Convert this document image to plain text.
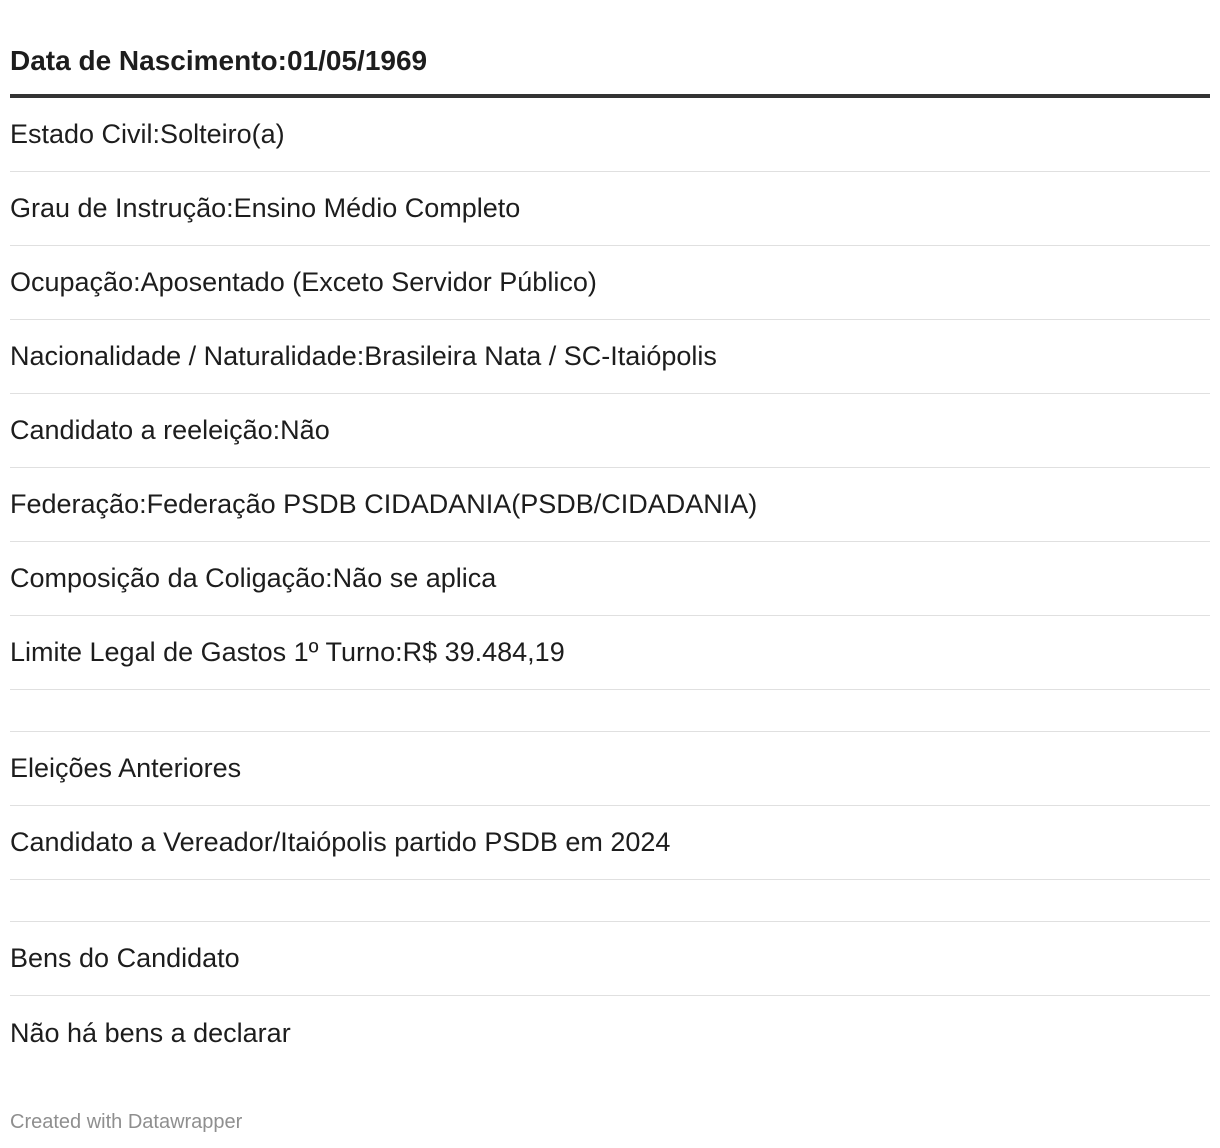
Data de Nascimento:01/05/1969
Estado Civil:Solteiro(a)
Grau de Instrução:Ensino Médio Completo
Ocupação:Aposentado (Exceto Servidor Público)
Nacionalidade / Naturalidade:Brasileira Nata / SC-Itaiópolis
Candidato a reeleição:Não
Federação:Federação PSDB CIDADANIA(PSDB/CIDADANIA)
Composição da Coligação:Não se aplica
Limite Legal de Gastos 1º Turno:R$ 39.484,19
Eleições Anteriores
Candidato a Vereador/Itaiópolis partido PSDB em 2024
Bens do Candidato
Não há bens a declarar
Created with Datawrapper
